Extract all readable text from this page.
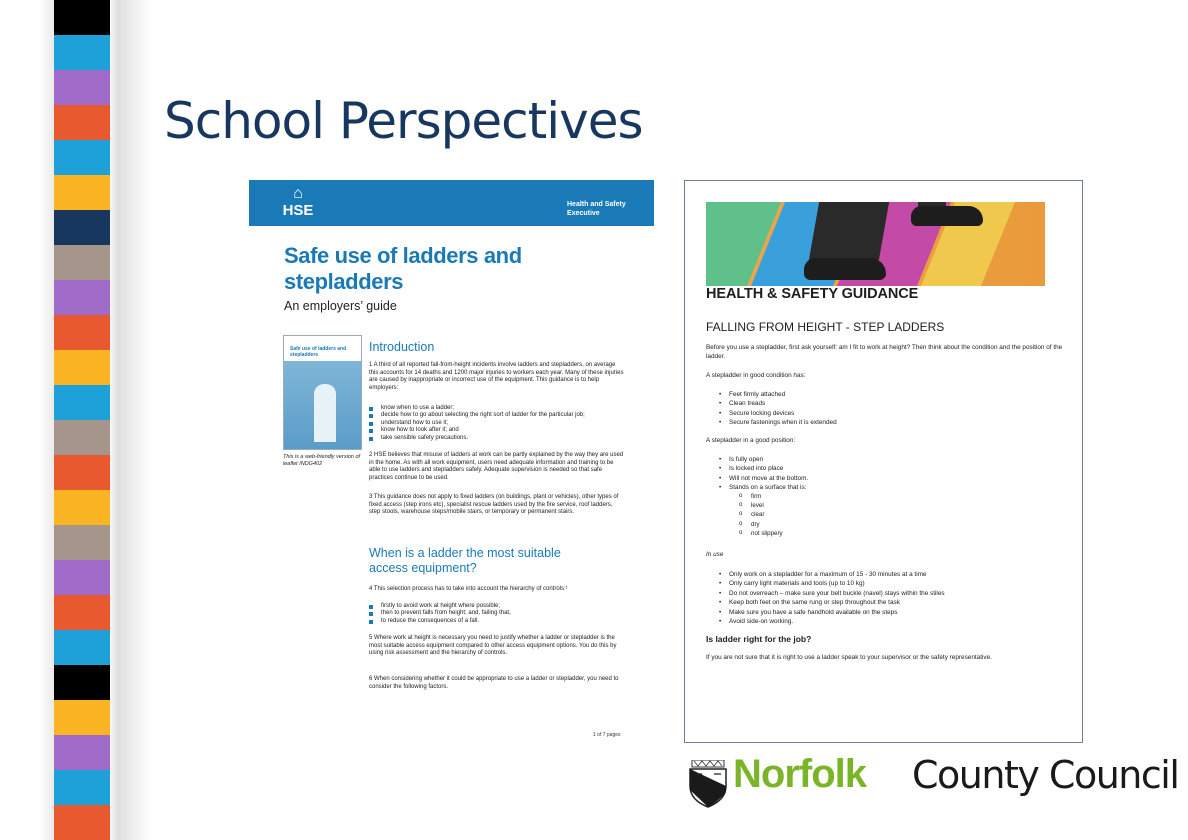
School Perspectives
⌂
HSE	Health and Safety Executive
Safe use of ladders and stepladders
An employers’ guide
Safe use of ladders and stepladders
This is a web-friendly version of leaflet INDG402
Introduction
1 A third of all reported fall-from-height incidents involve ladders and stepladders, on average this accounts for 14 deaths and 1200 major injuries to workers each year. Many of these injuries are caused by inappropriate or incorrect use of the equipment. This guidance is to help employers:
know when to use a ladder;
decide how to go about selecting the right sort of ladder for the particular job;
understand how to use it;
know how to look after it; and
take sensible safety precautions.
2 HSE believes that misuse of ladders at work can be partly explained by the way they are used in the home. As with all work equipment, users need adequate information and training to be able to use ladders and stepladders safely. Adequate supervision is needed so that safe practices continue to be used.
3 This guidance does not apply to fixed ladders (on buildings, plant or vehicles), other types of fixed access (step irons etc), specialist rescue ladders used by the fire service, roof ladders, step stools, warehouse steps/mobile stairs, or temporary or permanent stairs.
When is a ladder the most suitable access equipment?
4 This selection process has to take into account the hierarchy of controls:¹
firstly to avoid work at height where possible;
then to prevent falls from height; and, failing that,
to reduce the consequences of a fall.
5 Where work at height is necessary you need to justify whether a ladder or stepladder is the most suitable access equipment compared to other access equipment options. You do this by using risk assessment and the hierarchy of controls.
6 When considering whether it could be appropriate to use a ladder or stepladder, you need to consider the following factors.
1 of 7 pages
HEALTH & SAFETY GUIDANCE
FALLING FROM HEIGHT - STEP LADDERS
Before you use a stepladder, first ask yourself: am I fit to work at height? Then think about the condition and the position of the ladder.
A stepladder in good condition has:
• Feet firmly attached
• Clean treads
• Secure locking devices
• Secure fastenings when it is extended
A stepladder in a good position:
• Is fully open
• Is locked into place
• Will not move at the bottom.
• Stands on a surface that is:
o firm
o level
o clear
o dry
o not slippery
In use
• Only work on a stepladder for a maximum of 15 - 30 minutes at a time
• Only carry light materials and tools (up to 10 kg)
• Do not overreach – make sure your belt buckle (navel) stays within the stiles
• Keep both feet on the same rung or step throughout the task
• Make sure you have a safe handhold available on the steps
• Avoid side-on working.
Is ladder right for the job?
If you are not sure that it is right to use a ladder speak to your supervisor or the safety representative.
Norfolk County Council
